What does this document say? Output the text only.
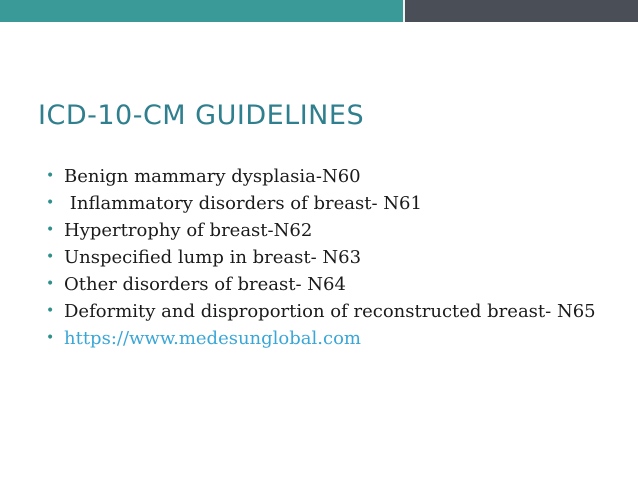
ICD-10-CM GUIDELINES
• Benign mammary dysplasia-N60
• Inflammatory disorders of breast- N61
• Hypertrophy of breast-N62
• Unspecified lump in breast- N63
• Other disorders of breast- N64
• Deformity and disproportion of reconstructed breast- N65
• https://www.medesunglobal.com
